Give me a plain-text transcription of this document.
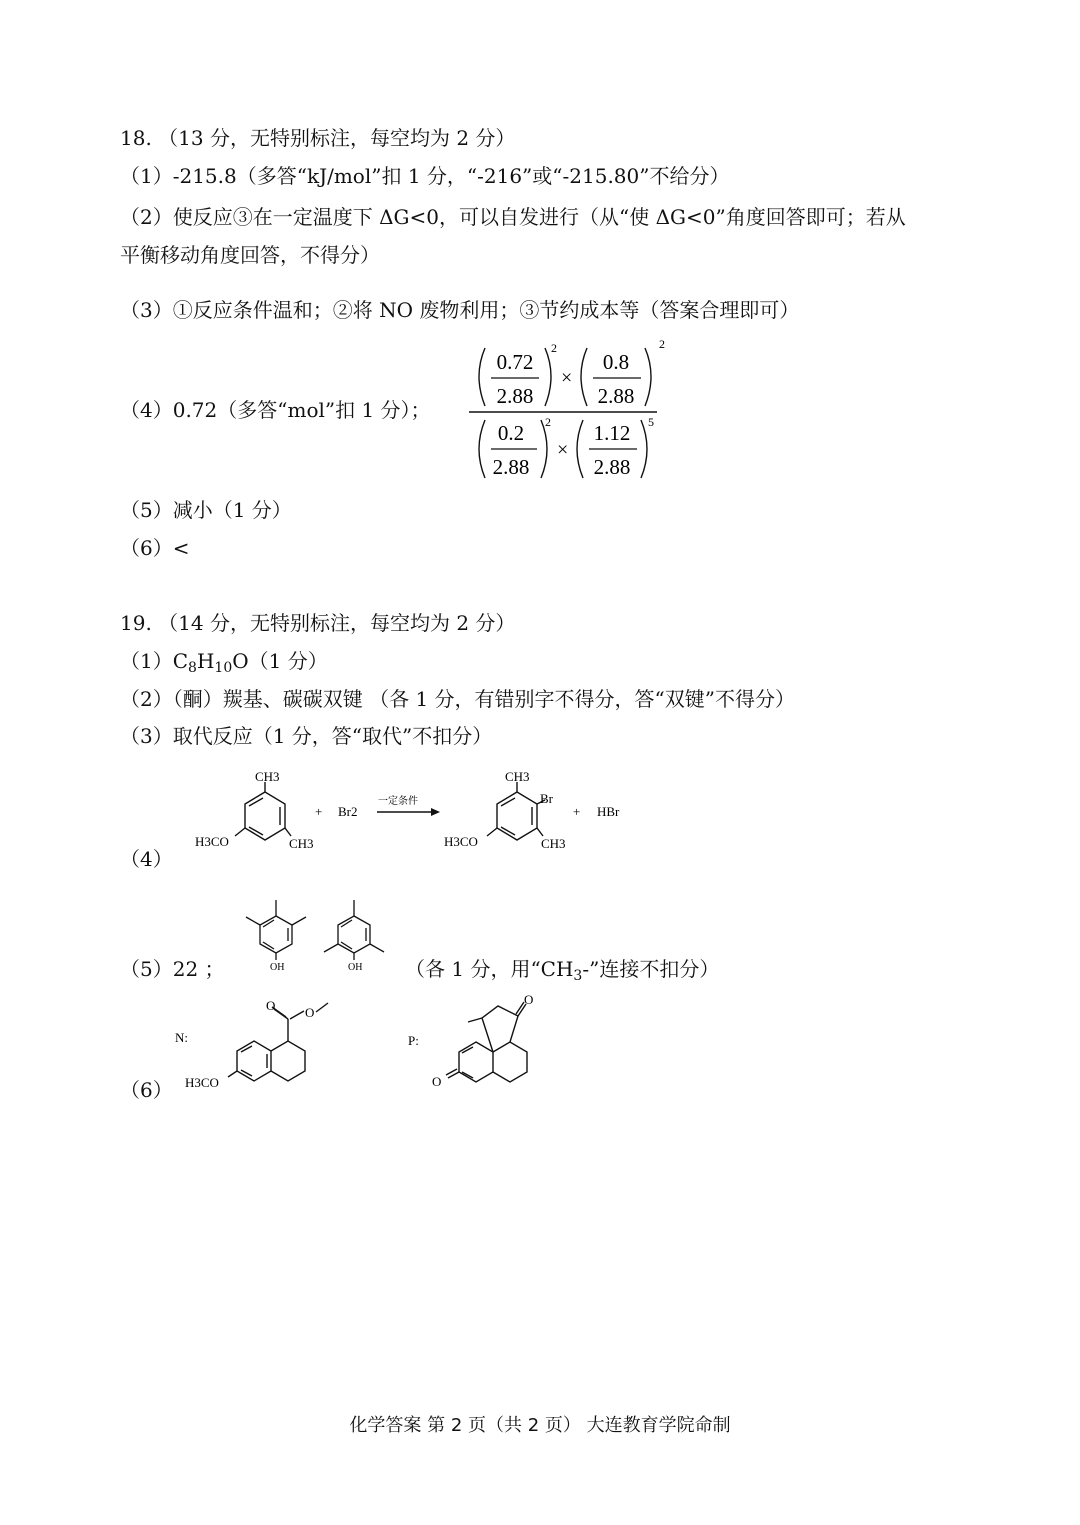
18. （13 分，无特别标注，每空均为 2 分）
（1）-215.8（多答“kJ/mol”扣 1 分，“-216”或“-215.80”不给分）
（2）使反应③在一定温度下 ΔG<0，可以自发进行（从“使 ΔG<0”角度回答即可；若从
平衡移动角度回答，不得分）
（3）①反应条件温和；②将 NO 废物利用；③节约成本等（答案合理即可）
（4）0.72（多答“mol”扣 1 分）；
0.72
2.88
2
×
0.8
2.88
2
0.2
2.88
2
×
1.12
2.88
5
（5）减小（1 分）
（6）<
19. （14 分，无特别标注，每空均为 2 分）
$(1)C_8H_{10}O(1$ 分）
（2）（酮）羰基、碳碳双键 （各 1 分，有错别字不得分，答“双键”不得分）
（3）取代反应（1 分，答“取代”不扣分）
（4）
CH3
CH3
H3CO
+ Br2
一定条件
CH3
Br
CH3
H3CO
+ HBr
（5）22 ；	OH	OH （各 1 分，用“$CH_3-$”连接不扣分）
（6）
N:
O O
H3CO
P:
O
O
化学答案 第 2 页（共 2 页） 大连教育学院命制
